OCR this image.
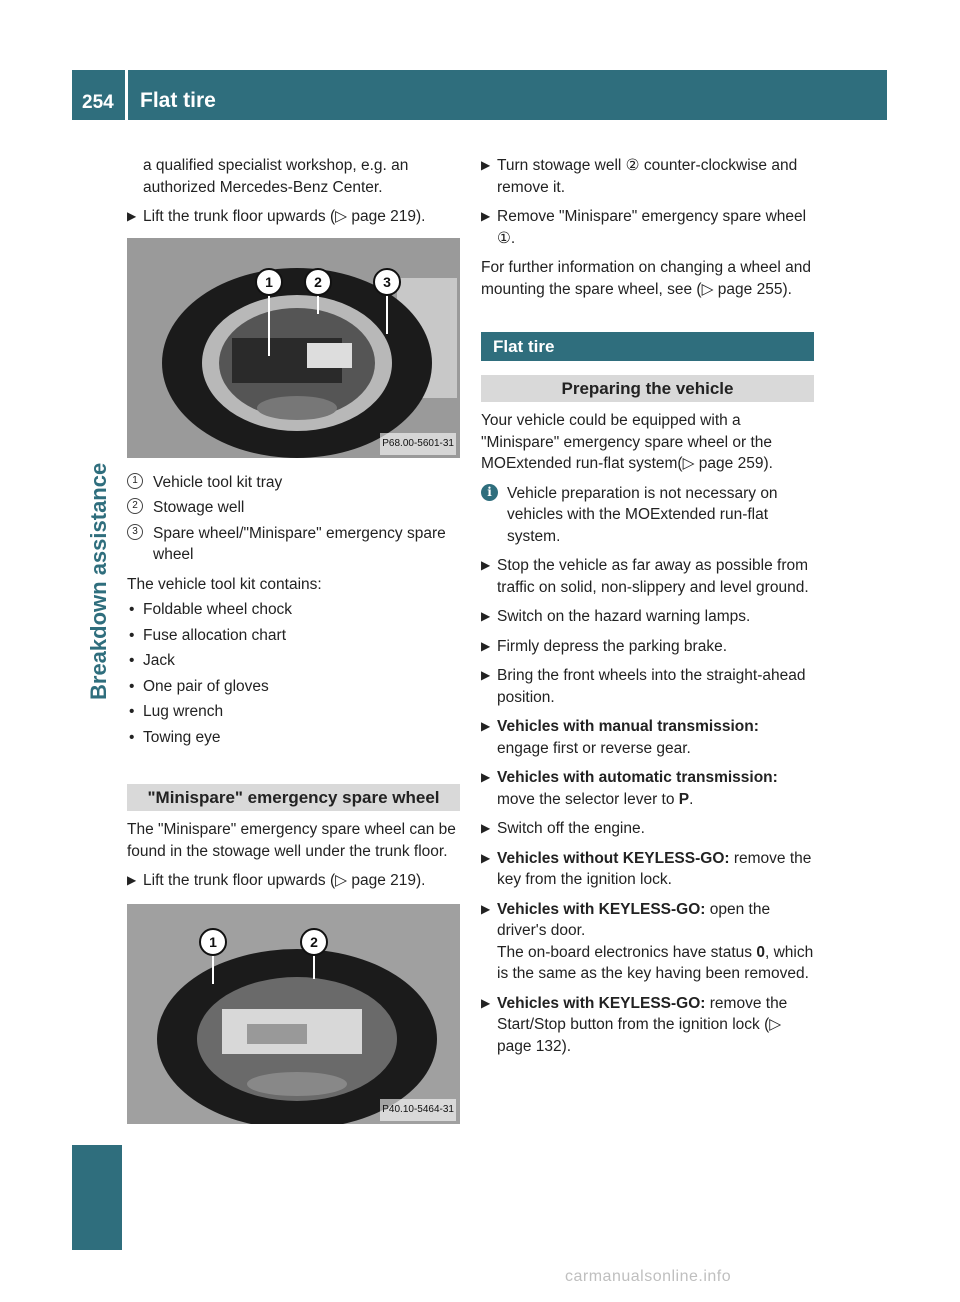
254 Flat tire
Breakdown assistance

a qualified specialist workshop, e.g. an authorized Mercedes-Benz Center.

▶ Lift the trunk floor upwards (▷ page 219).
1	2	3
P68.00-5601-31
1 Vehicle tool kit tray
2 Stowage well
3 Spare wheel/"Minispare" emergency spare wheel

The vehicle tool kit contains:

• Foldable wheel chock
• Fuse allocation chart
• Jack
• One pair of gloves
• Lug wrench
• Towing eye
"Minispare" emergency spare wheel

The "Minispare" emergency spare wheel can be found in the stowage well under the trunk floor.

▶ Lift the trunk floor upwards (▷ page 219).
1	2
P40.10-5464-31
▶ Turn stowage well ② counter-clockwise and remove it.
▶ Remove "Minispare" emergency spare wheel ①.

For further information on changing a wheel and mounting the spare wheel, see (▷ page 255).

Flat tire
Preparing the vehicle

Your vehicle could be equipped with a "Minispare" emergency spare wheel or the MOExtended run-flat system(▷ page 259).

i Vehicle preparation is not necessary on vehicles with the MOExtended run-flat system.
▶ Stop the vehicle as far away as possible from traffic on solid, non-slippery and level ground.
▶ Switch on the hazard warning lamps.
▶ Firmly depress the parking brake.
▶ Bring the front wheels into the straight-ahead position.
▶ Vehicles with manual transmission:
engage first or reverse gear.
▶ Vehicles with automatic transmission:
move the selector lever to P.
▶ Switch off the engine.
▶ Vehicles without KEYLESS-GO: remove the key from the ignition lock.
▶ Vehicles with KEYLESS-GO: open the driver's door.
The on-board electronics have status 0, which is the same as the key having been removed.
▶ Vehicles with KEYLESS-GO: remove the Start/Stop button from the ignition lock (▷ page 132).
carmanualsonline.info
